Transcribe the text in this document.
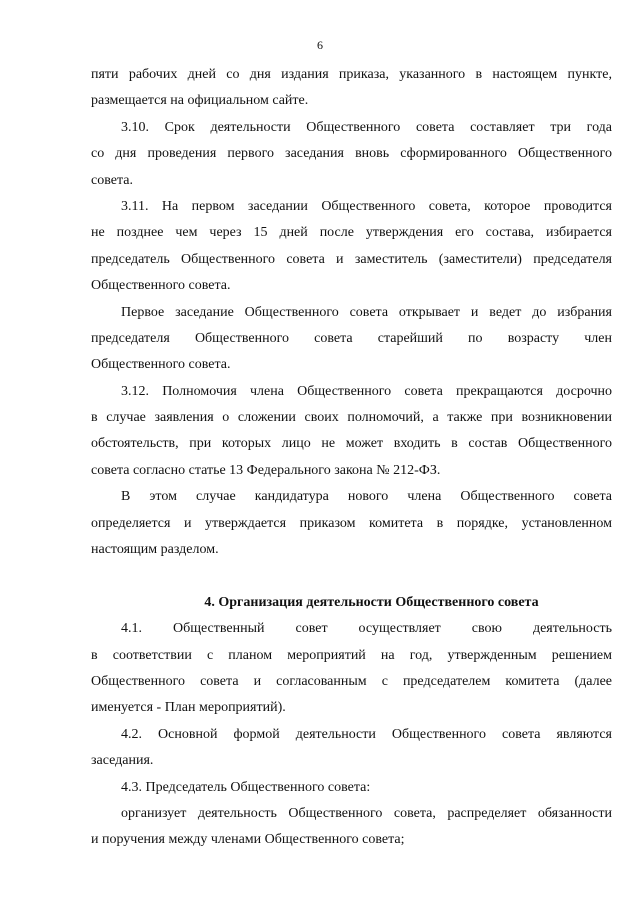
6

пяти рабочих дней со дня издания приказа, указанного в настоящем пункте,
размещается на официальном сайте.
3.10. Срок деятельности Общественного совета составляет три года
со дня проведения первого заседания вновь сформированного Общественного
совета.
3.11. На первом заседании Общественного совета, которое проводится
не позднее чем через 15 дней после утверждения его состава, избирается
председатель Общественного совета и заместитель (заместители) председателя
Общественного совета.
Первое заседание Общественного совета открывает и ведет до избрания
председателя Общественного совета старейший по возрасту член
Общественного совета.
3.12. Полномочия члена Общественного совета прекращаются досрочно
в случае заявления о сложении своих полномочий, а также при возникновении
обстоятельств, при которых лицо не может входить в состав Общественного
совета согласно статье 13 Федерального закона № 212-ФЗ.
В этом случае кандидатура нового члена Общественного совета
определяется и утверждается приказом комитета в порядке, установленном
настоящим разделом.
4. Организация деятельности Общественного совета
4.1. Общественный совет осуществляет свою деятельность
в соответствии с планом мероприятий на год, утвержденным решением
Общественного совета и согласованным с председателем комитета (далее
именуется - План мероприятий).
4.2. Основной формой деятельности Общественного совета являются
заседания.
4.3. Председатель Общественного совета:
организует деятельность Общественного совета, распределяет обязанности
и поручения между членами Общественного совета;
